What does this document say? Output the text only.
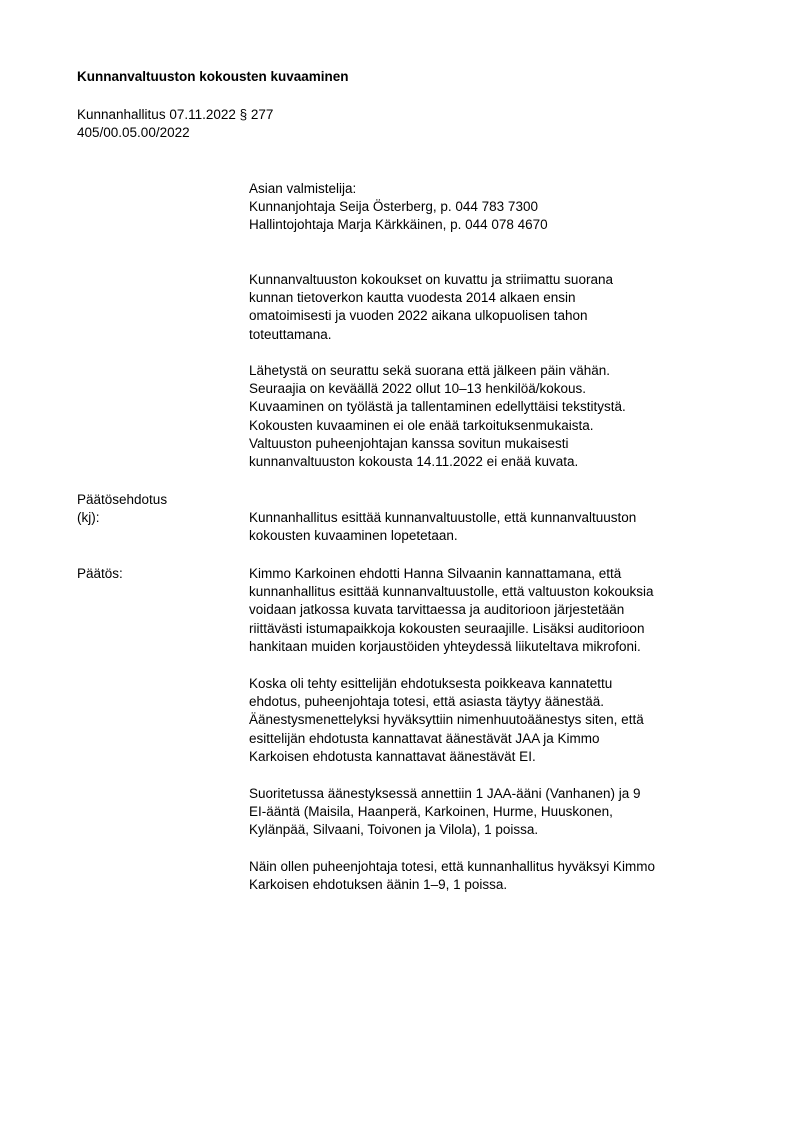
Kunnanvaltuuston kokousten kuvaaminen
Kunnanhallitus 07.11.2022 § 277
405/00.05.00/2022
Asian valmistelija:
Kunnanjohtaja Seija Österberg, p. 044 783 7300
Hallintojohtaja Marja Kärkkäinen, p. 044 078 4670
Kunnanvaltuuston kokoukset on kuvattu ja striimattu suorana
kunnan tietoverkon kautta vuodesta 2014 alkaen ensin
omatoimisesti ja vuoden 2022 aikana ulkopuolisen tahon
toteuttamana.
Lähetystä on seurattu sekä suorana että jälkeen päin vähän.
Seuraajia on keväällä 2022 ollut 10–13 henkilöä/kokous.
Kuvaaminen on työlästä ja tallentaminen edellyttäisi tekstitystä.
Kokousten kuvaaminen ei ole enää tarkoituksenmukaista.
Valtuuston puheenjohtajan kanssa sovitun mukaisesti
kunnanvaltuuston kokousta 14.11.2022 ei enää kuvata.
Päätösehdotus
(kj):	Kunnanhallitus esittää kunnanvaltuustolle, että kunnanvaltuuston
kokousten kuvaaminen lopetetaan.
Päätös:	Kimmo Karkoinen ehdotti Hanna Silvaanin kannattamana, että
kunnanhallitus esittää kunnanvaltuustolle, että valtuuston kokouksia
voidaan jatkossa kuvata tarvittaessa ja auditorioon järjestetään
riittävästi istumapaikkoja kokousten seuraajille. Lisäksi auditorioon
hankitaan muiden korjaustöiden yhteydessä liikuteltava mikrofoni.
Koska oli tehty esittelijän ehdotuksesta poikkeava kannatettu
ehdotus, puheenjohtaja totesi, että asiasta täytyy äänestää.
Äänestysmenettelyksi hyväksyttiin nimenhuutoäänestys siten, että
esittelijän ehdotusta kannattavat äänestävät JAA ja Kimmo
Karkoisen ehdotusta kannattavat äänestävät EI.
Suoritetussa äänestyksessä annettiin 1 JAA-ääni (Vanhanen) ja 9
EI-ääntä (Maisila, Haanperä, Karkoinen, Hurme, Huuskonen,
Kylänpää, Silvaani, Toivonen ja Vilola), 1 poissa.
Näin ollen puheenjohtaja totesi, että kunnanhallitus hyväksyi Kimmo
Karkoisen ehdotuksen äänin 1–9, 1 poissa.
